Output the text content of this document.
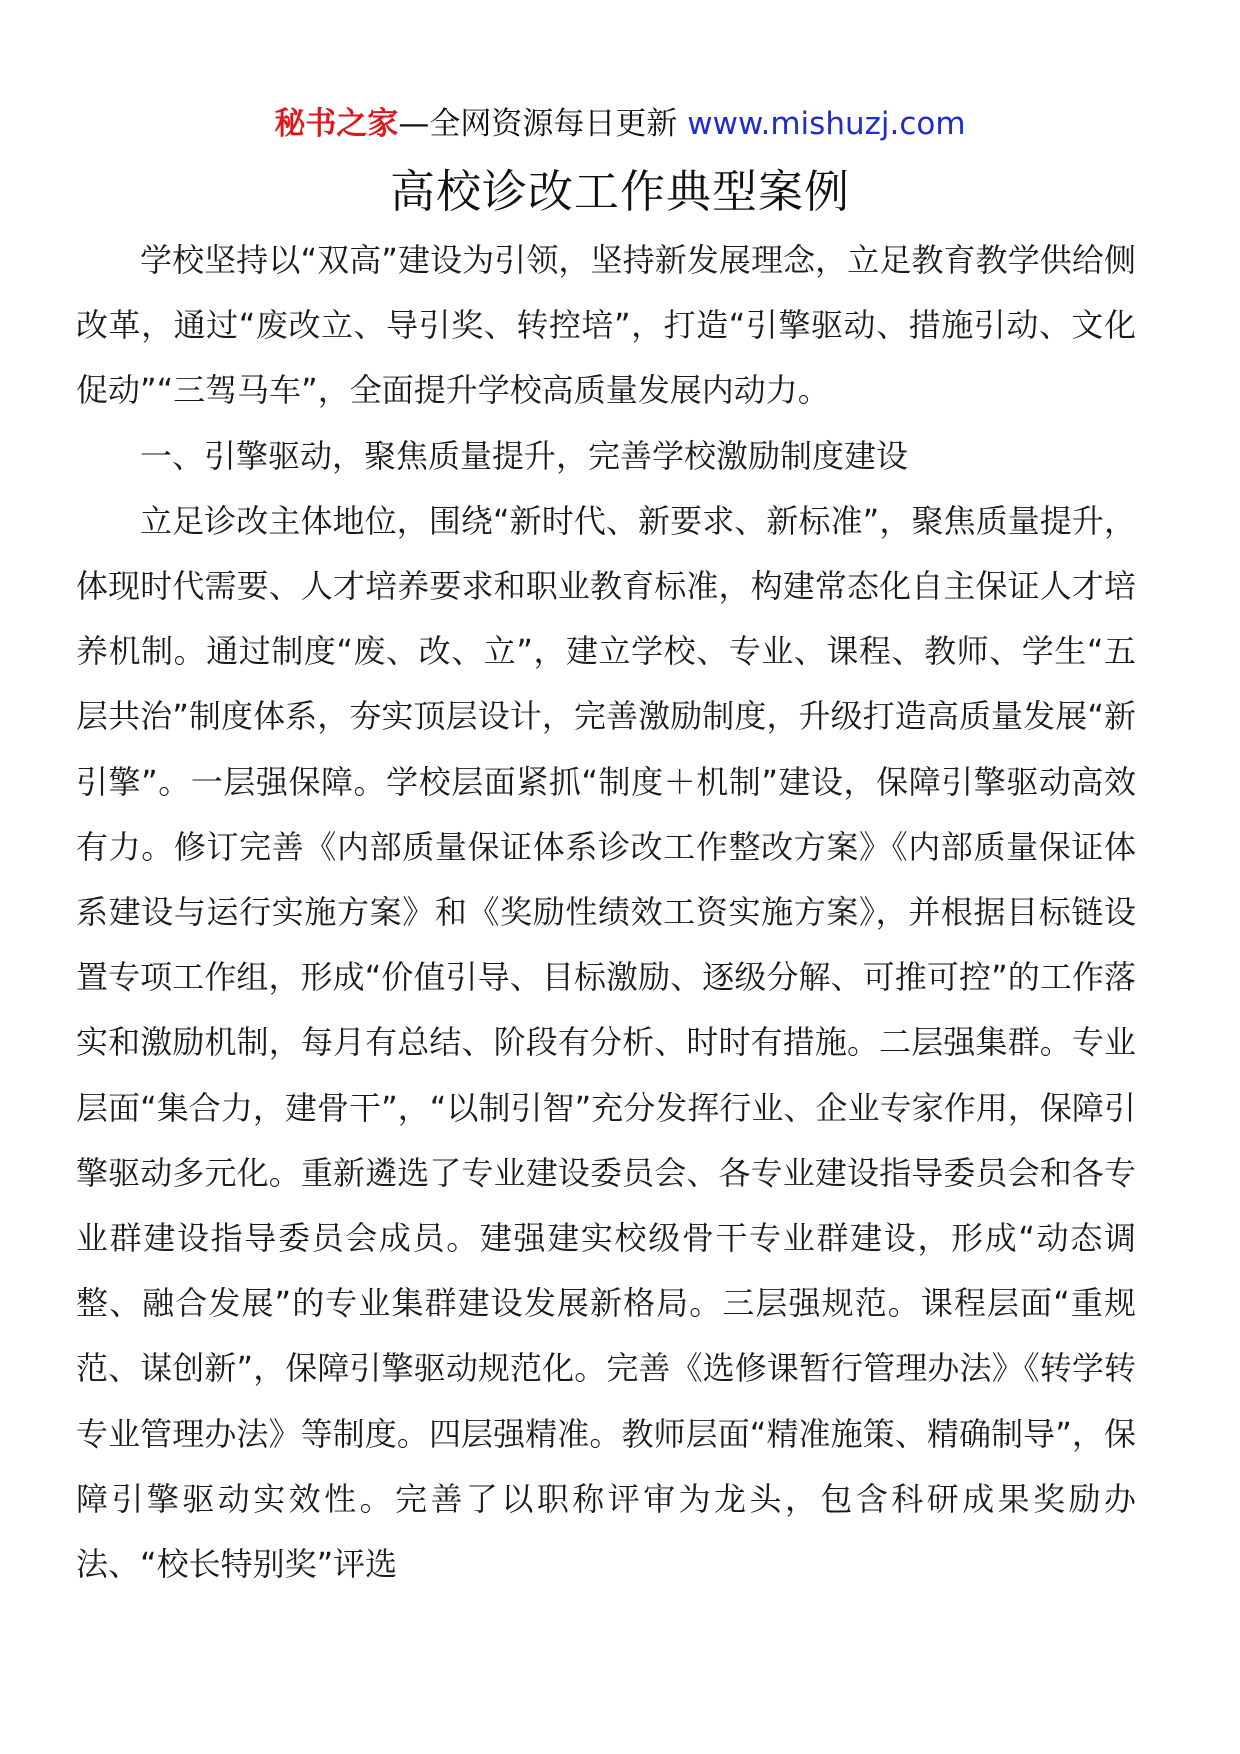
秘书之家—全网资源每日更新 www.mishuzj.com
高校诊改工作典型案例

学校坚持以“双高”建设为引领，坚持新发展理念，立足教育教学供给侧改革，通过“废改立、导引奖、转控培”，打造“引擎驱动、措施引动、文化促动”“三驾马车”，全面提升学校高质量发展内动力。

一、引擎驱动，聚焦质量提升，完善学校激励制度建设

立足诊改主体地位，围绕“新时代、新要求、新标准”，聚焦质量提升，体现时代需要、人才培养要求和职业教育标准，构建常态化自主保证人才培养机制。通过制度“废、改、立”，建立学校、专业、课程、教师、学生“五层共治”制度体系，夯实顶层设计，完善激励制度，升级打造高质量发展“新引擎”。一层强保障。学校层面紧抓“制度＋机制”建设，保障引擎驱动高效有力。修订完善《内部质量保证体系诊改工作整改方案》《内部质量保证体系建设与运行实施方案》和《奖励性绩效工资实施方案》，并根据目标链设置专项工作组，形成“价值引导、目标激励、逐级分解、可推可控”的工作落实和激励机制，每月有总结、阶段有分析、时时有措施。二层强集群。专业层面“集合力，建骨干”，“以制引智”充分发挥行业、企业专家作用，保障引擎驱动多元化。重新遴选了专业建设委员会、各专业建设指导委员会和各专业群建设指导委员会成员。建强建实校级骨干专业群建设，形成“动态调整、融合发展”的专业集群建设发展新格局。三层强规范。课程层面“重规范、谋创新”，保障引擎驱动规范化。完善《选修课暂行管理办法》《转学转专业管理办法》等制度。四层强精准。教师层面“精准施策、精确制导”，保障引擎驱动实效性。完善了以职称评审为龙头，包含科研成果奖励办法、“校长特别奖”评选
